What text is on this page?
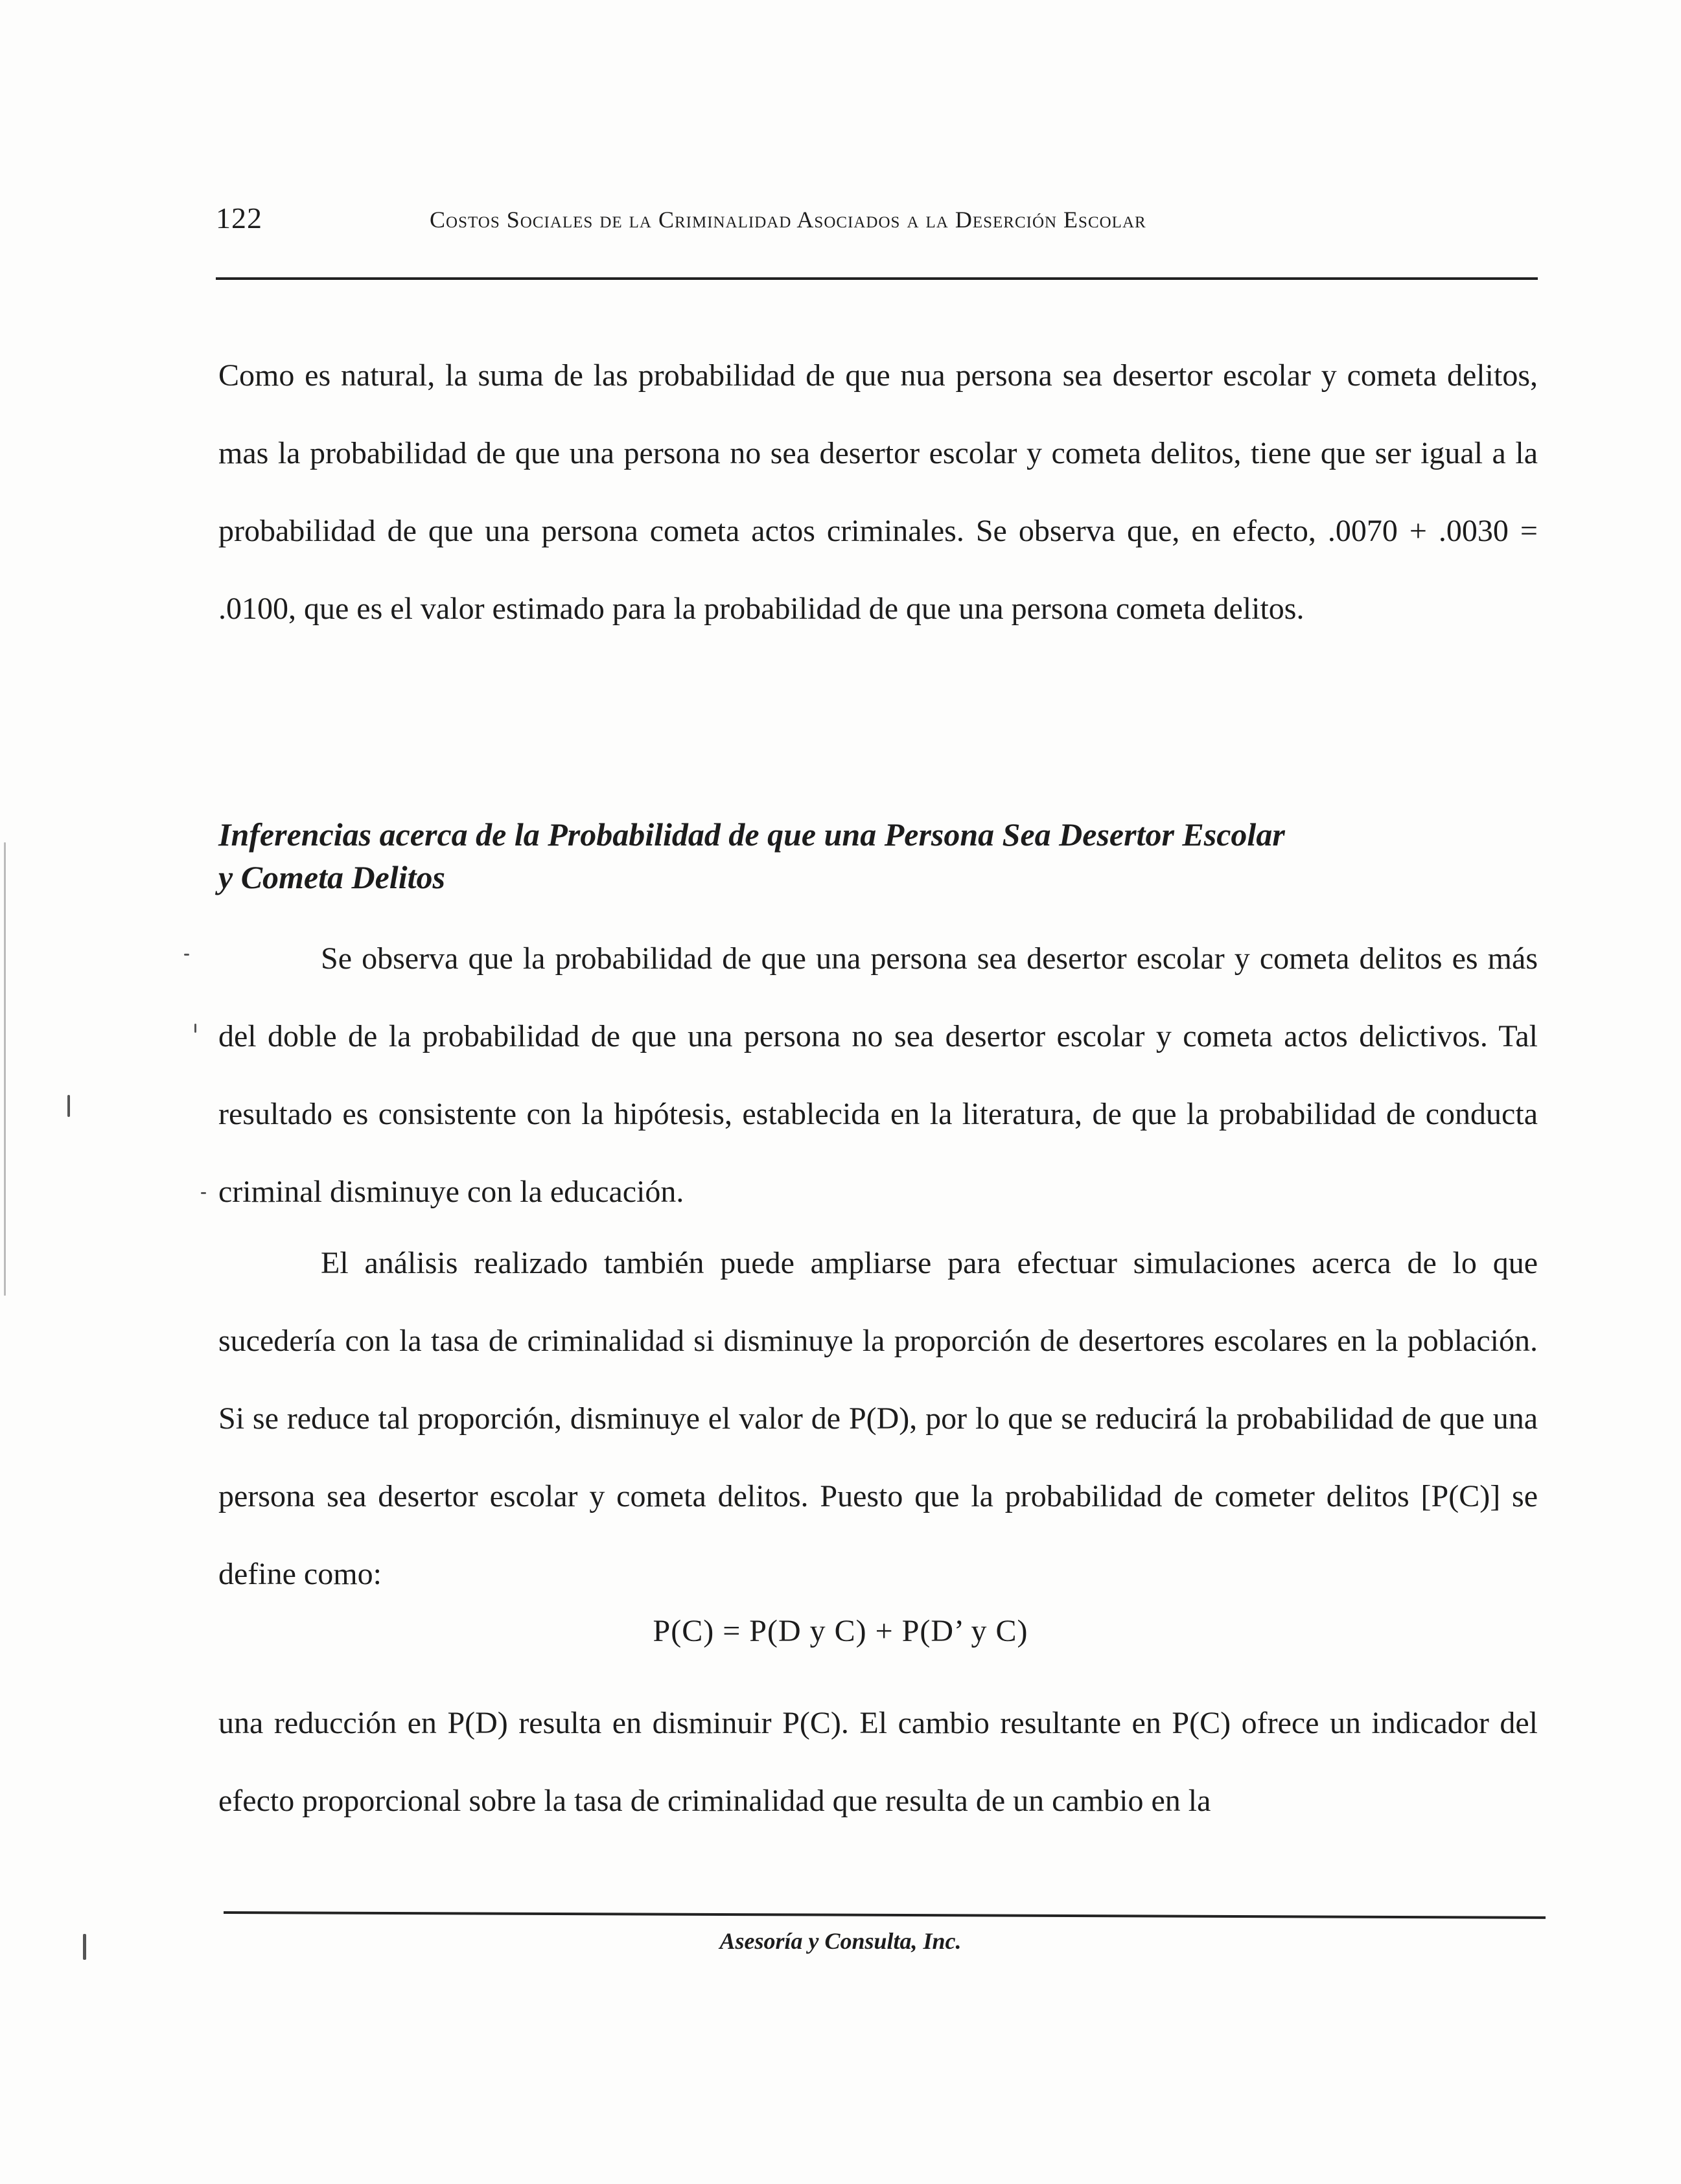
122	Costos Sociales de la Criminalidad Asociados a la Deserción Escolar
Como es natural, la suma de las probabilidad de que nua persona sea desertor escolar y cometa delitos, mas la probabilidad de que una persona no sea desertor escolar y cometa delitos, tiene que ser igual a la probabilidad de que una persona cometa actos criminales. Se observa que, en efecto, .0070 + .0030 = .0100, que es el valor estimado para la probabilidad de que una persona cometa delitos.
Inferencias acerca de la Probabilidad de que una Persona Sea Desertor Escolar
y Cometa Delitos
Se observa que la probabilidad de que una persona sea desertor escolar y cometa delitos es más del doble de la probabilidad de que una persona no sea desertor escolar y cometa actos delictivos. Tal resultado es consistente con la hipótesis, establecida en la literatura, de que la probabilidad de conducta criminal disminuye con la educación.
El análisis realizado también puede ampliarse para efectuar simulaciones acerca de lo que sucedería con la tasa de criminalidad si disminuye la proporción de desertores escolares en la población. Si se reduce tal proporción, disminuye el valor de P(D), por lo que se reducirá la probabilidad de que una persona sea desertor escolar y cometa delitos. Puesto que la probabilidad de cometer delitos [P(C)] se define como:
P(C) = P(D y C) + P(D’ y C)
una reducción en P(D) resulta en disminuir P(C). El cambio resultante en P(C) ofrece un indicador del efecto proporcional sobre la tasa de criminalidad que resulta de un cambio en la
Asesoría y Consulta, Inc.
